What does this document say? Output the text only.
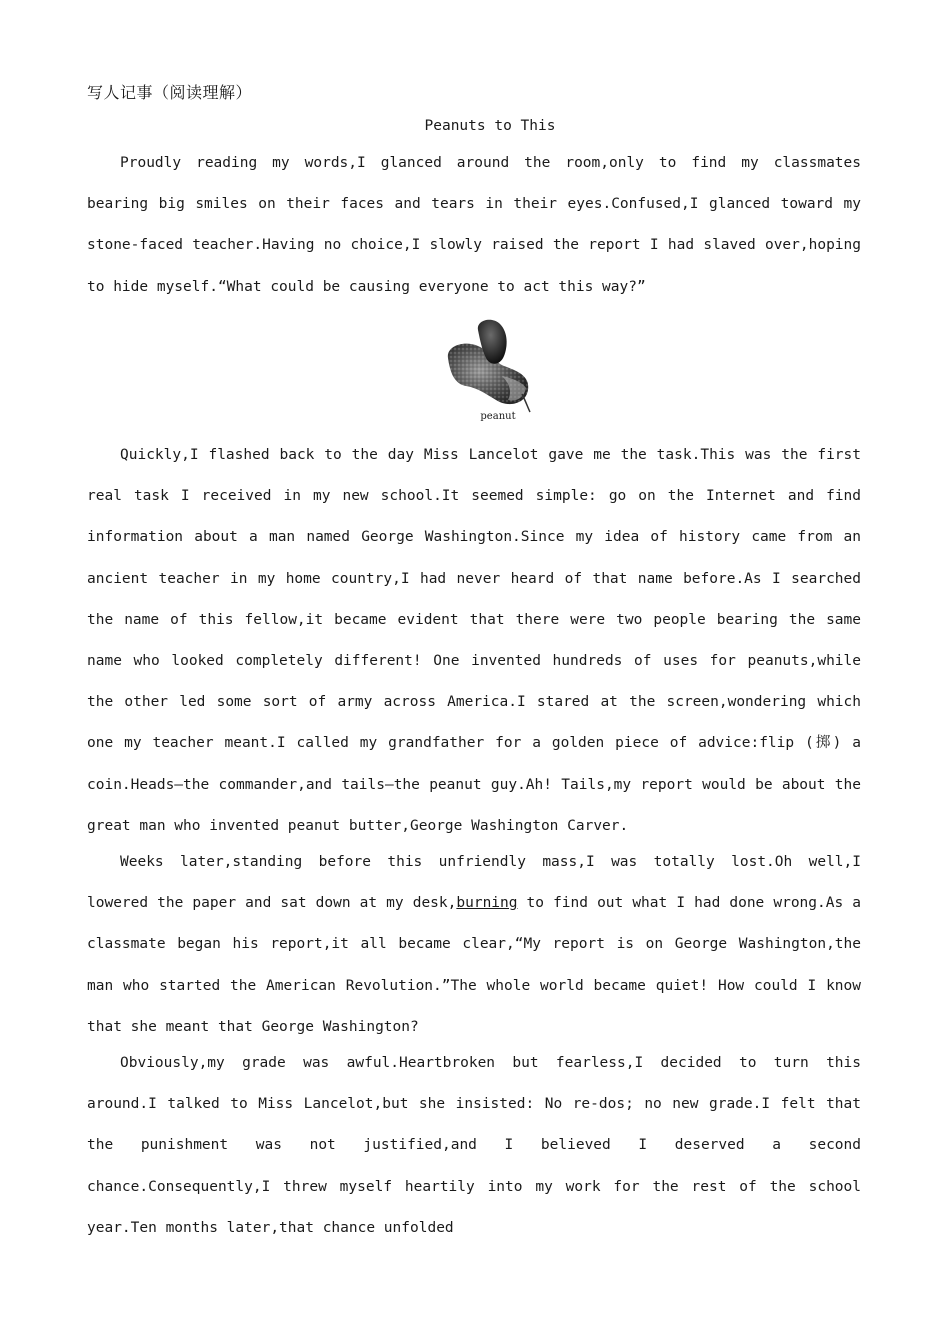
写人记事（阅读理解）
Peanuts to This

Proudly reading my words,I glanced around the room,only to find my classmates bearing big smiles on their faces and tears in their eyes.Confused,I glanced toward my stone-faced teacher.Having no choice,I slowly raised the report I had slaved over,hoping to hide myself.“What could be causing everyone to act this way?”

peanut

Quickly,I flashed back to the day Miss Lancelot gave me the task.This was the first real task I received in my new school.It seemed simple: go on the Internet and find information about a man named George Washington.Since my idea of history came from an ancient teacher in my home country,I had never heard of that name before.As I searched the name of this fellow,it became evident that there were two people bearing the same name who looked completely different! One invented hundreds of uses for peanuts,while the other led some sort of army across America.I stared at the screen,wondering which one my teacher meant.I called my grandfather for a golden piece of advice:flip (掷) a coin.Heads—the commander,and tails—the peanut guy.Ah! Tails,my report would be about the great man who invented peanut butter,George Washington Carver.

Weeks later,standing before this unfriendly mass,I was totally lost.Oh well,I lowered the paper and sat down at my desk,burning to find out what I had done wrong.As a classmate began his report,it all became clear,“My report is on George Washington,the man who started the American Revolution.”The whole world became quiet! How could I know that she meant that George Washington?

Obviously,my grade was awful.Heartbroken but fearless,I decided to turn this around.I talked to Miss Lancelot,but she insisted: No re-dos; no new grade.I felt that the punishment was not justified,and I believed I deserved a second chance.Consequently,I threw myself heartily into my work for the rest of the school year.Ten months later,that chance unfolded
